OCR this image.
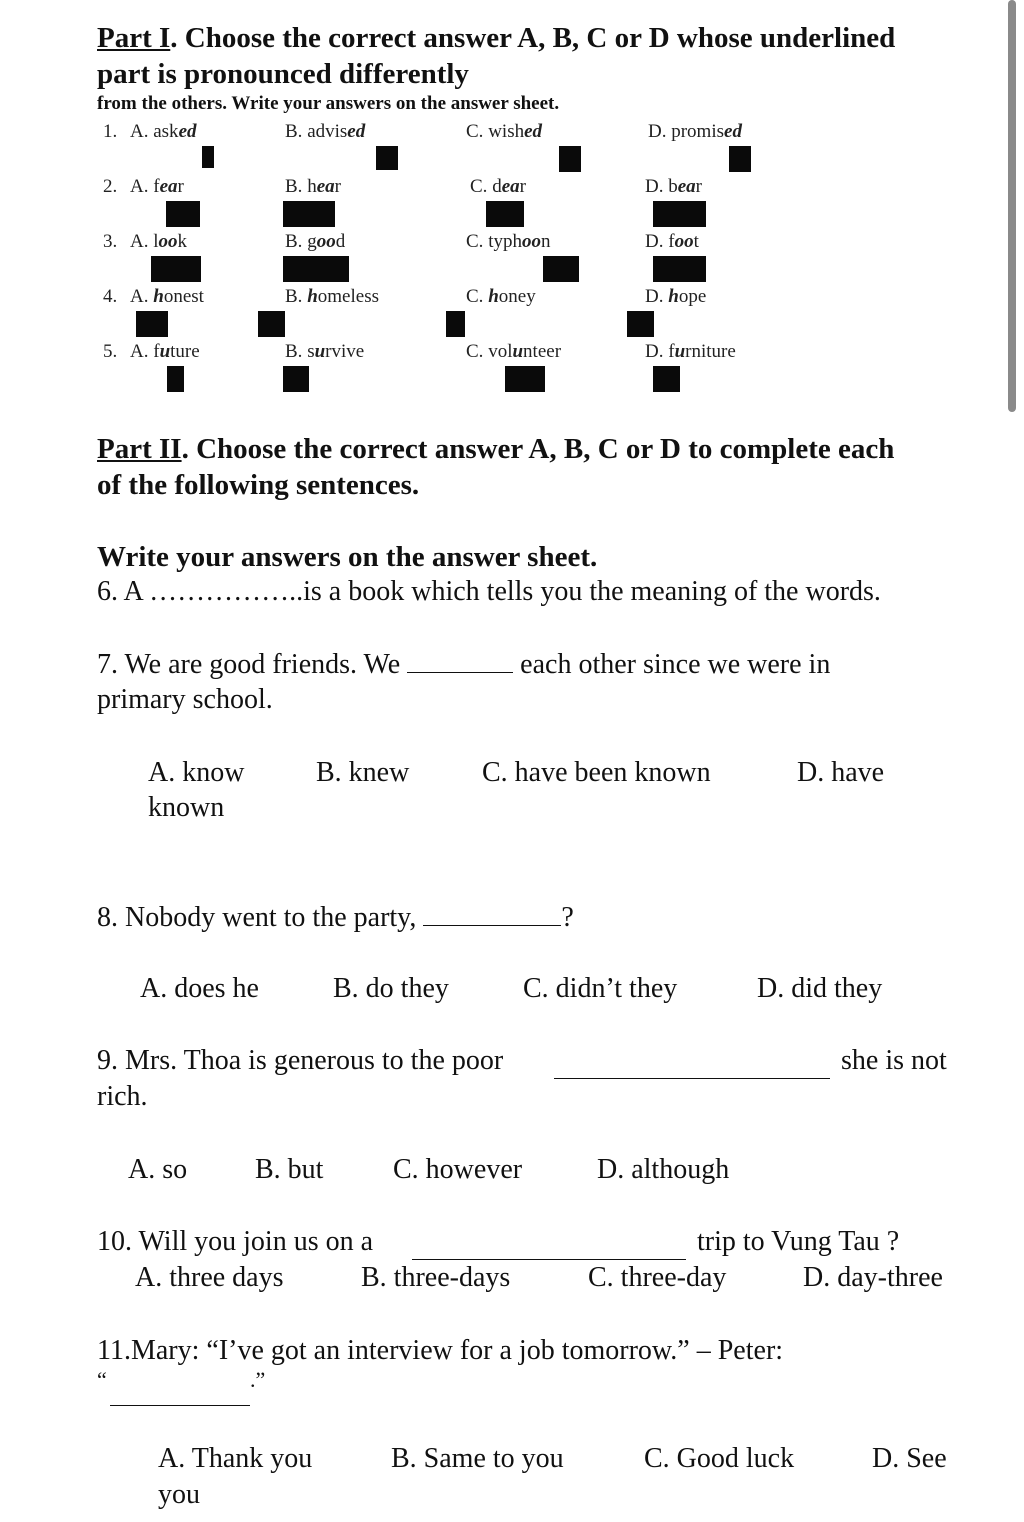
Part I. Choose the correct answer A, B, C or D whose underlined
part is pronounced differently
from the others. Write your answers on the answer sheet.
1. A. asked	B. advised	C. wished	D. promised
2. A. fear	B. hear	C. dear	D. bear
3. A. look	B. good	C. typhoon	D. foot
4. A. honest	B. homeless	C. honey	D. hope
5. A. future	B. survive	C. volunteer	D. furniture
Part II. Choose the correct answer A, B, C or D to complete each
of the following sentences.
Write your answers on the answer sheet.
6. A ……………..is a book which tells you the meaning of the words.
7. We are good friends. We	each other since we were in
primary school.
A. know	B. knew	C. have been known	D. have
known
8. Nobody went to the party,	?
A. does he	B. do they	C. didn’t they	D. did they
9. Mrs. Thoa is generous to the poor	she is not
rich.
A. so B. but C. however	D. although
10. Will you join us on a	trip to Vung Tau ?
A. three days	B. three-days	C. three-day	D. day-three
11.Mary: “I’ve got an interview for a job tomorrow.” – Peter:
“	.”
A. Thank you	B. Same to you	C. Good luck	D. See
you
